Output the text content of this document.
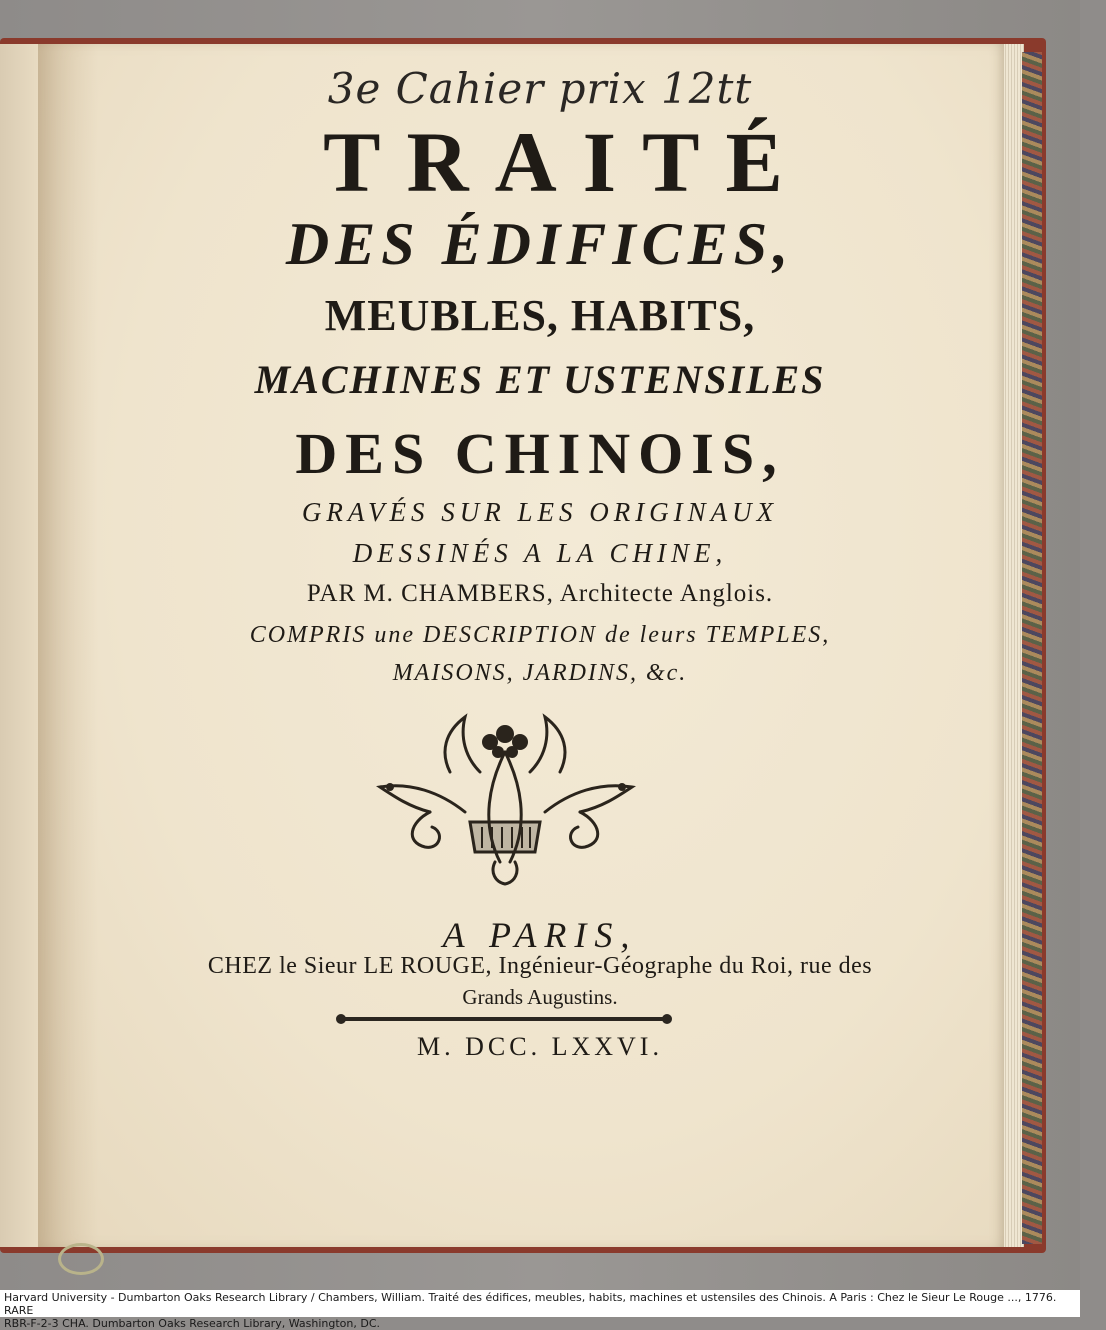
3e Cahier prix 12tt
TRAITÉ
DES ÉDIFICES,
MEUBLES, HABITS,
MACHINES ET USTENSILES
DES CHINOIS,
GRAVÉS SUR LES ORIGINAUX
DESSINÉS A LA CHINE,
PAR M. CHAMBERS, Architecte Anglois.
COMPRIS une DESCRIPTION de leurs TEMPLES,
MAISONS, JARDINS, &c.
A PARIS,
CHEZ le Sieur LE ROUGE, Ingénieur-Géographe du Roi, rue des
Grands Augustins.
M. DCC. LXXVI.
Harvard University - Dumbarton Oaks Research Library / Chambers, William. Traité des édifices, meubles, habits, machines et ustensiles des Chinois. A Paris : Chez le Sieur Le Rouge ..., 1776. RARE
RBR-F-2-3 CHA. Dumbarton Oaks Research Library, Washington, DC.
